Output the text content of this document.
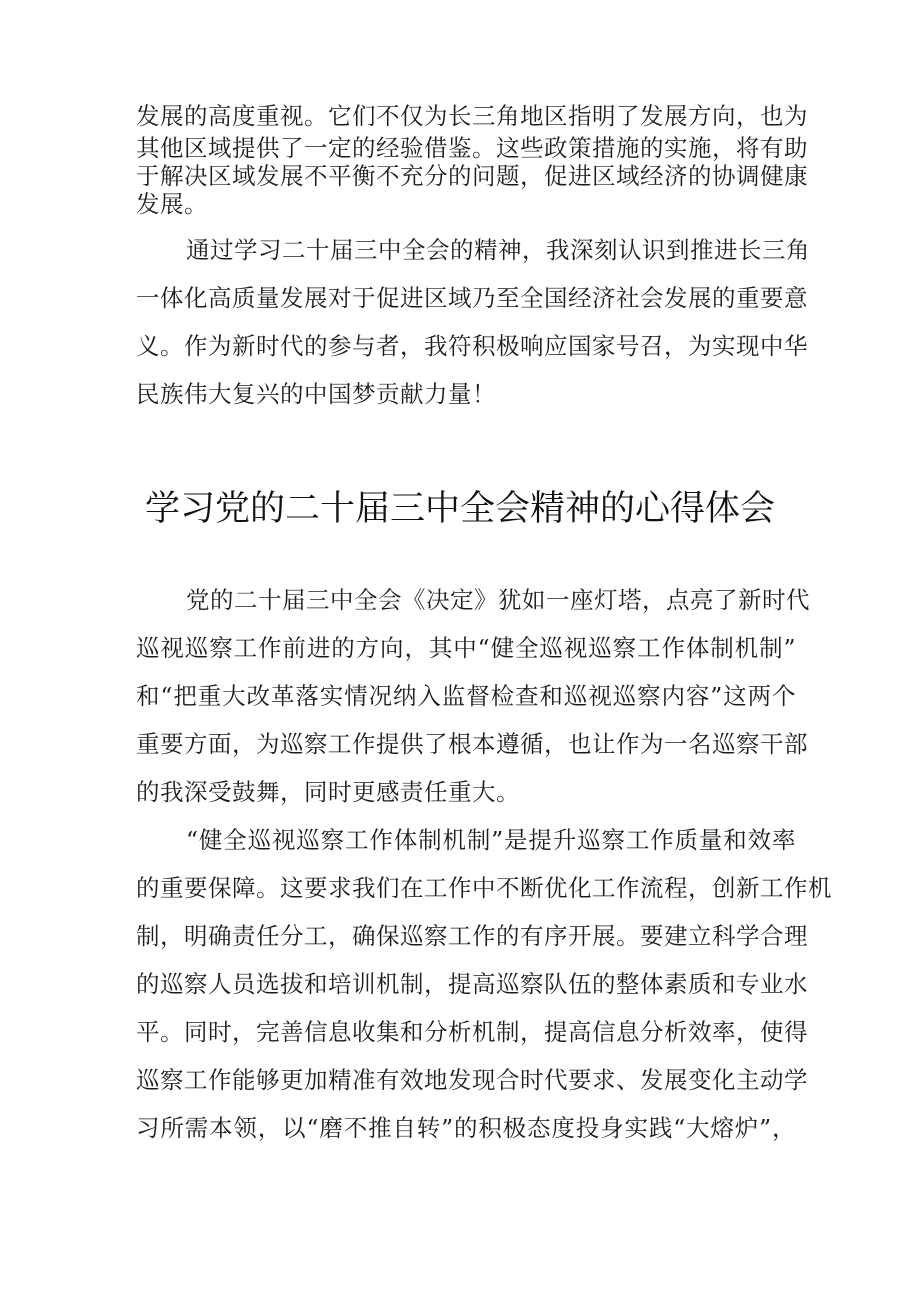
发展的高度重视。它们不仅为长三角地区指明了发展方向，也为
其他区域提供了一定的经验借鉴。这些政策措施的实施，将有助
于解决区域发展不平衡不充分的问题，促进区域经济的协调健康
发展。
通过学习二十届三中全会的精神，我深刻认识到推进长三角
一体化高质量发展对于促进区域乃至全国经济社会发展的重要意
义。作为新时代的参与者，我符积极响应国家号召，为实现中华
民族伟大复兴的中国梦贡献力量！
学习党的二十届三中全会精神的心得体会
党的二十届三中全会《决定》犹如一座灯塔，点亮了新时代
巡视巡察工作前进的方向，其中“健全巡视巡察工作体制机制”
和“把重大改革落实情况纳入监督检查和巡视巡察内容”这两个
重要方面，为巡察工作提供了根本遵循，也让作为一名巡察干部
的我深受鼓舞，同时更感责任重大。
“健全巡视巡察工作体制机制”是提升巡察工作质量和效率
的重要保障。这要求我们在工作中不断优化工作流程，创新工作机
制，明确责任分工，确保巡察工作的有序开展。要建立科学合理
的巡察人员选拔和培训机制，提高巡察队伍的整体素质和专业水
平。同时，完善信息收集和分析机制，提高信息分析效率，使得
巡察工作能够更加精准有效地发现合时代要求、发展变化主动学
习所需本领，以“磨不推自转”的积极态度投身实践“大熔炉”，
